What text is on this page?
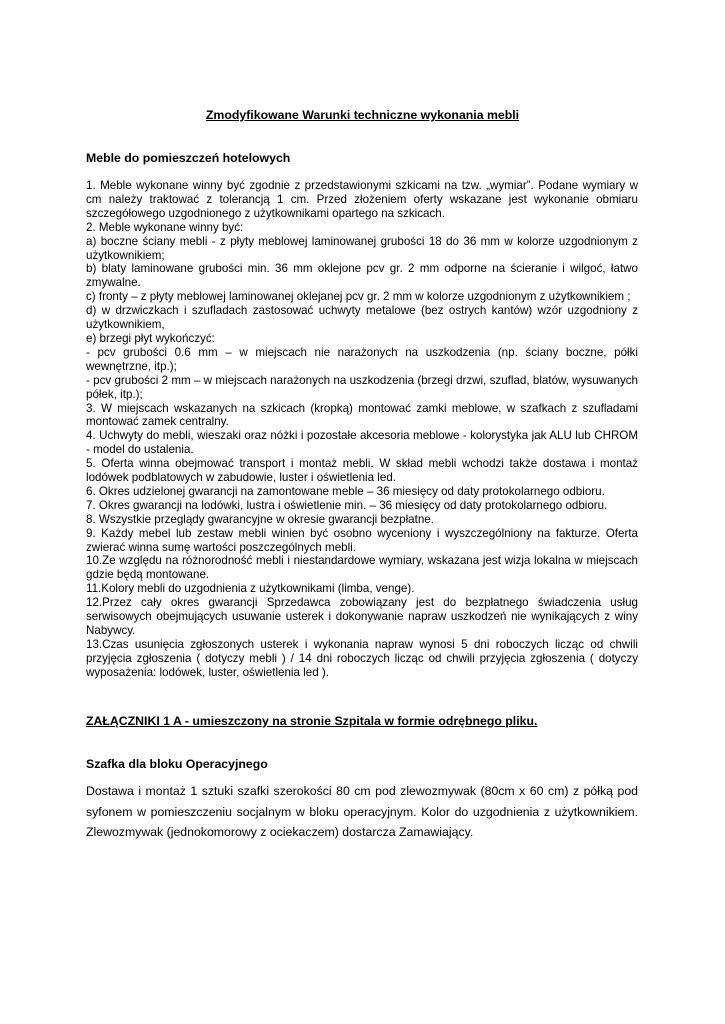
Zmodyfikowane Warunki techniczne wykonania mebli
Meble do pomieszczeń hotelowych

1. Meble wykonane winny być zgodnie z przedstawionymi szkicami na tzw. „wymiar”. Podane wymiary w cm należy traktować z tolerancją 1 cm. Przed złożeniem oferty wskazane jest wykonanie obmiaru szczegółowego uzgodnionego z użytkownikami opartego na szkicach.

2. Meble wykonane winny być:

a) boczne ściany mebli - z płyty meblowej laminowanej grubości 18 do 36 mm w kolorze uzgodnionym z użytkownikiem;

b) blaty laminowane grubości min. 36 mm oklejone pcv gr. 2 mm odporne na ścieranie i wilgoć, łatwo zmywalne.

c) fronty – z płyty meblowej laminowanej oklejanej pcv gr. 2 mm w kolorze uzgodnionym z użytkownikiem ;

d) w drzwiczkach i szufladach zastosować uchwyty metalowe (bez ostrych kantów) wzór uzgodniony z użytkownikiem,

e) brzegi płyt wykończyć:

- pcv grubości 0.6 mm – w miejscach nie narażonych na uszkodzenia (np. ściany boczne, półki wewnętrzne, itp.);

- pcv grubości 2 mm – w miejscach narażonych na uszkodzenia (brzegi drzwi, szuflad, blatów, wysuwanych półek, itp.);

3. W miejscach wskazanych na szkicach (kropką) montować zamki meblowe, w szafkach z szufladami montować zamek centralny.

4. Uchwyty do mebli, wieszaki oraz nóżki i pozostałe akcesoria meblowe - kolorystyka jak ALU lub CHROM - model do ustalenia.

5. Oferta winna obejmować transport i montaż mebli. W skład mebli wchodzi także dostawa i montaż lodówek podblatowych w zabudowie, luster i oświetlenia led.

6. Okres udzielonej gwarancji na zamontowane meble – 36 miesięcy od daty protokolarnego odbioru.

7. Okres gwarancji na lodówki, lustra i oświetlenie min. – 36 miesięcy od daty protokolarnego odbioru.

8. Wszystkie przeglądy gwarancyjne w okresie gwarancji bezpłatne.

9. Każdy mebel lub zestaw mebli winien być osobno wyceniony i wyszczególniony na fakturze. Oferta zwierać winna sumę wartości poszczególnych mebli.

10.Ze względu na różnorodność mebli i niestandardowe wymiary, wskazana jest wizja lokalna w miejscach gdzie będą montowane.

11.Kolory mebli do uzgodnienia z użytkownikami (limba, venge).

12.Przez cały okres gwarancji Sprzedawca zobowiązany jest do bezpłatnego świadczenia usług serwisowych obejmujących usuwanie usterek i dokonywanie napraw uszkodzeń nie wynikających z winy Nabywcy.

13.Czas usunięcia zgłoszonych usterek i wykonania napraw wynosi 5 dni roboczych licząc od chwili przyjęcia zgłoszenia ( dotyczy mebli ) / 14 dni roboczych licząc od chwili przyjęcia zgłoszenia ( dotyczy wyposażenia: lodówek, luster, oświetlenia led ).

ZAŁĄCZNIKI 1 A - umieszczony na stronie Szpitala w formie odrębnego pliku.
Szafka dla bloku Operacyjnego

Dostawa i montaż 1 sztuki szafki szerokości 80 cm pod zlewozmywak (80cm x 60 cm) z półką pod syfonem w pomieszczeniu socjalnym w bloku operacyjnym. Kolor do uzgodnienia z użytkownikiem. Zlewozmywak (jednokomorowy z ociekaczem) dostarcza Zamawiający.
